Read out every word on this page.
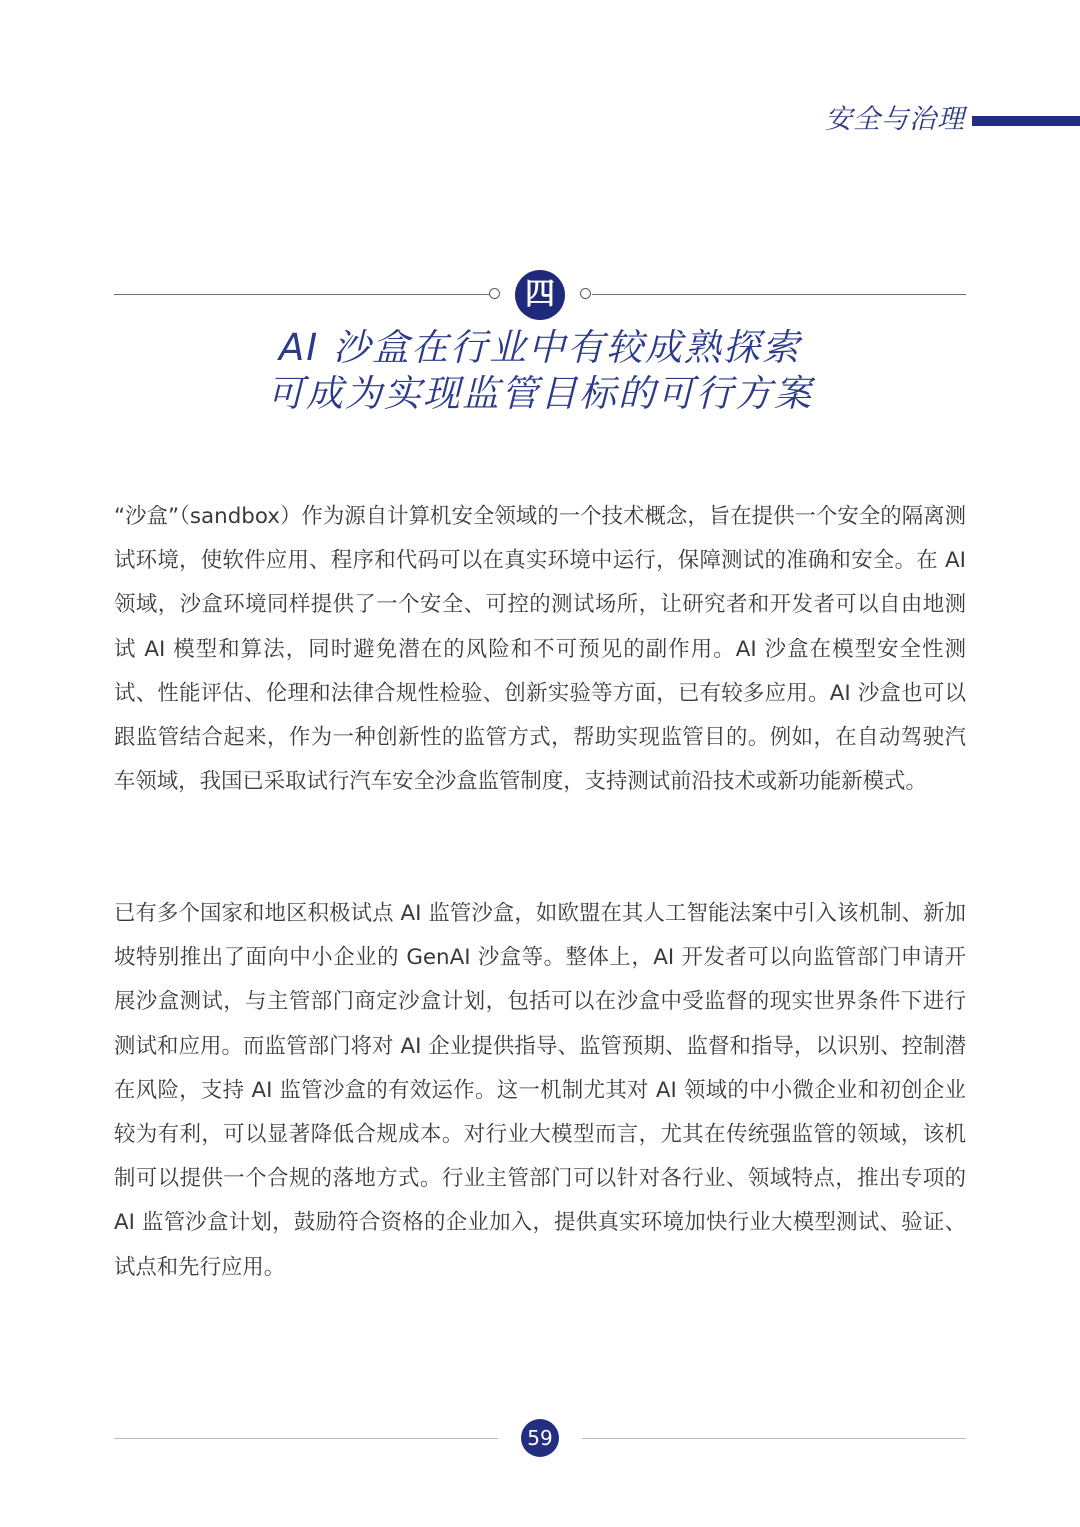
安全与治理
四
AI 沙盒在行业中有较成熟探索
可成为实现监管目标的可行方案

“沙盒”（sandbox）作为源自计算机安全领域的一个技术概念，旨在提供一个安全的隔离测试环境，使软件应用、程序和代码可以在真实环境中运行，保障测试的准确和安全。在 AI 领域，沙盒环境同样提供了一个安全、可控的测试场所，让研究者和开发者可以自由地测试 AI 模型和算法，同时避免潜在的风险和不可预见的副作用。AI 沙盒在模型安全性测试、性能评估、伦理和法律合规性检验、创新实验等方面，已有较多应用。AI 沙盒也可以跟监管结合起来，作为一种创新性的监管方式，帮助实现监管目的。例如，在自动驾驶汽车领域，我国已采取试行汽车安全沙盒监管制度，支持测试前沿技术或新功能新模式。

已有多个国家和地区积极试点 AI 监管沙盒，如欧盟在其人工智能法案中引入该机制、新加坡特别推出了面向中小企业的 GenAI 沙盒等。整体上，AI 开发者可以向监管部门申请开展沙盒测试，与主管部门商定沙盒计划，包括可以在沙盒中受监督的现实世界条件下进行测试和应用。而监管部门将对 AI 企业提供指导、监管预期、监督和指导，以识别、控制潜在风险，支持 AI 监管沙盒的有效运作。这一机制尤其对 AI 领域的中小微企业和初创企业较为有利，可以显著降低合规成本。对行业大模型而言，尤其在传统强监管的领域，该机制可以提供一个合规的落地方式。行业主管部门可以针对各行业、领域特点，推出专项的 AI 监管沙盒计划，鼓励符合资格的企业加入，提供真实环境加快行业大模型测试、验证、试点和先行应用。

59
